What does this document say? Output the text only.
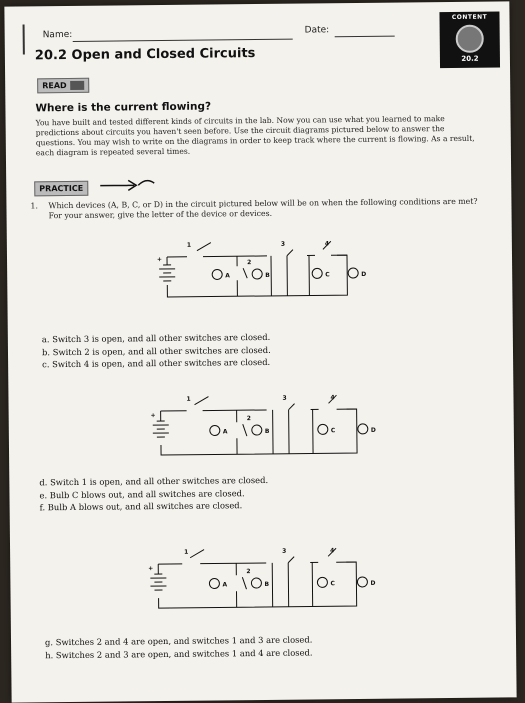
Name:	Date:
CONTENT
20.2
20.2 Open and Closed Circuits
READ
Where is the current flowing?
You have built and tested different kinds of circuits in the lab. Now you can use what you learned to make predictions about circuits you haven't seen before. Use the circuit diagrams pictured below to answer the questions. You may wish to write on the diagrams in order to keep track where the current is flowing. As a result, each diagram is repeated several times.
PRACTICE
1. Which devices (A, B, C, or D) in the circuit pictured below will be on when the following conditions are met? For your answer, give the letter of the device or devices.
+
1
2
3	4
A	B	C	D
a. Switch 3 is open, and all other switches are closed.
b. Switch 2 is open, and all other switches are closed.
c. Switch 4 is open, and all other switches are closed.
+
1
2
3	4
A	B	C	D
d. Switch 1 is open, and all other switches are closed.
e. Bulb C blows out, and all switches are closed.
f. Bulb A blows out, and all switches are closed.
+
1
2
3	4
A	B	C	D
g. Switches 2 and 4 are open, and switches 1 and 3 are closed.
h. Switches 2 and 3 are open, and switches 1 and 4 are closed.
